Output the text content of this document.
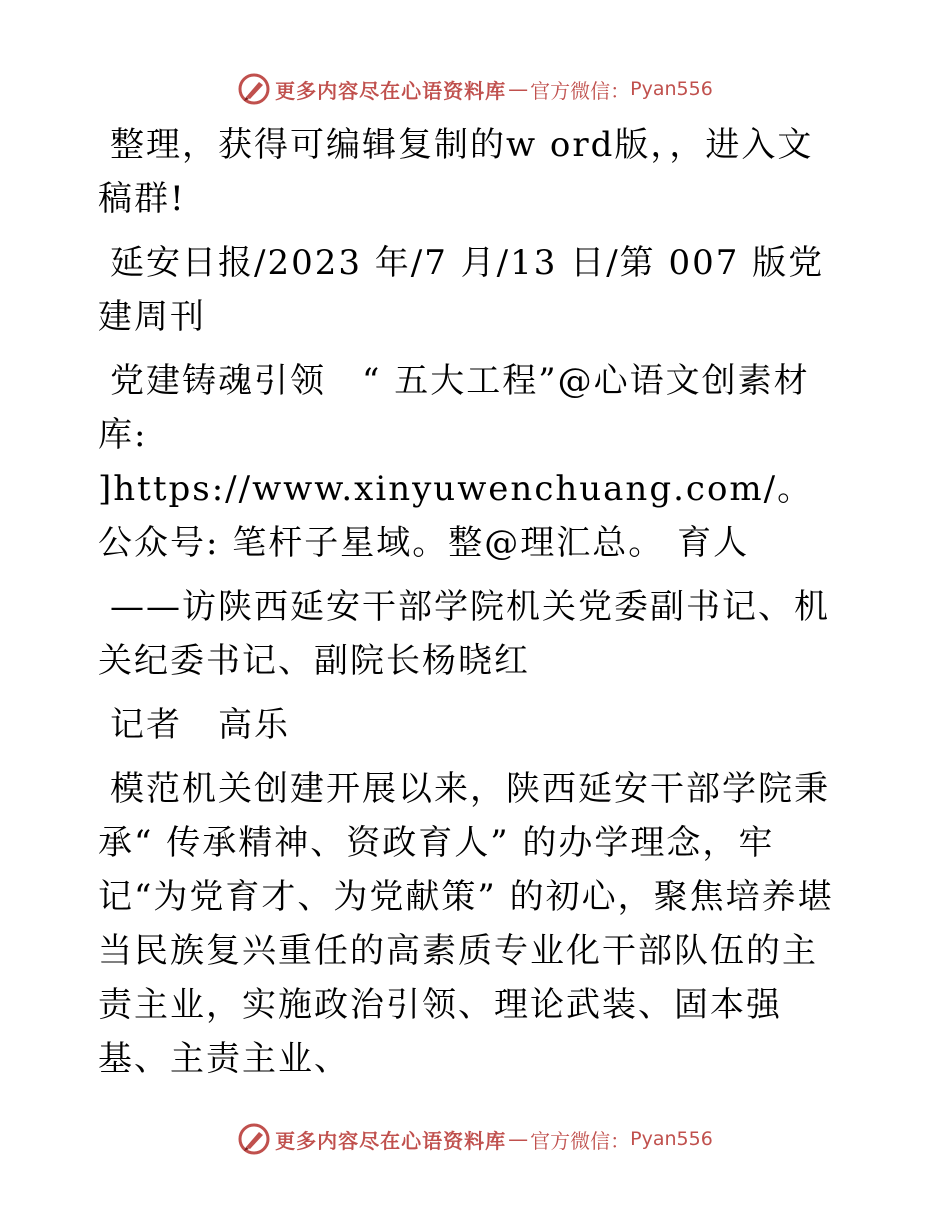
更多内容尽在心语资料库 — 官方微信： Pyan556

整理，获得可编辑复制的w ord版，，进入文稿群!

延安日报/2023 年/7 月/13 日/第 007 版党建周刊

党建铸魂引领　“ 五大工程”@心语文创素材库: ]https://www.xinyuwenchuang.com/。公众号: 笔杆子星域。整@理汇总。 育人

——访陕西延安干部学院机关党委副书记、机关纪委书记、副院长杨晓红

记者　高乐

模范机关创建开展以来，陕西延安干部学院秉承“ 传承精神、资政育人” 的办学理念，牢记“为党育才、为党献策” 的初心，聚焦培养堪当民族复兴重任的高素质专业化干部队伍的主责主业，实施政治引领、理论武装、固本强基、主责主业、

更多内容尽在心语资料库 — 官方微信： Pyan556
